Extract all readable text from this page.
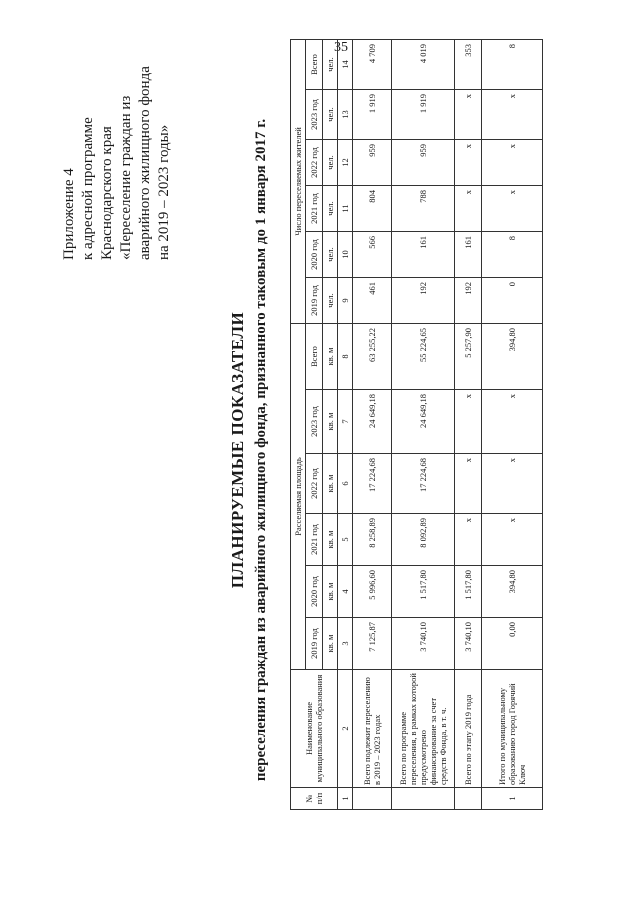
35
Приложение 4 к адресной программе Краснодарского края «Переселение граждан из аварийного жилищного фонда на 2019 – 2023 годы»
ПЛАНИРУЕМЫЕ ПОКАЗАТЕЛИ переселения граждан из аварийного жилищного фонда, признанного таковым до 1 января 2017 г.
№ п/п	Наименование муниципального образования	Расселяемая площадь						Число переселяемых жителей					
		2019 год	2020 год	2021 год	2022 год	2023 год	Всего	2019 год	2020 год	2021 год	2022 год	2023 год	Всего
		кв. м	кв. м	кв. м	кв. м	кв. м	кв. м	чел.	чел.	чел.	чел.	чел.	чел.
1	2	3	4	5	6	7	8	9	10	11	12	13	14
	Всего подлежит переселению в 2019 – 2023 годах	7 125,87	5 996,60	8 258,89	17 224,68	24 649,18	63 255,22	461	566	804	959	1 919	4 709
	Всего по программе переселения, в рамках которой предусмотрено финансирование за счет средств Фонда, в т. ч.	3 740,10	1 517,80	8 092,89	17 224,68	24 649,18	55 224,65	192	161	788	959	1 919	4 019
	Всего по этапу 2019 года	3 740,10	1 517,80	х	х	х	5 257,90	192	161	х	х	х	353
1	Итого по муниципальному образованию город Горячий Ключ	0,00	394,80	х	х	х	394,80	0	8	х	х	х	8
